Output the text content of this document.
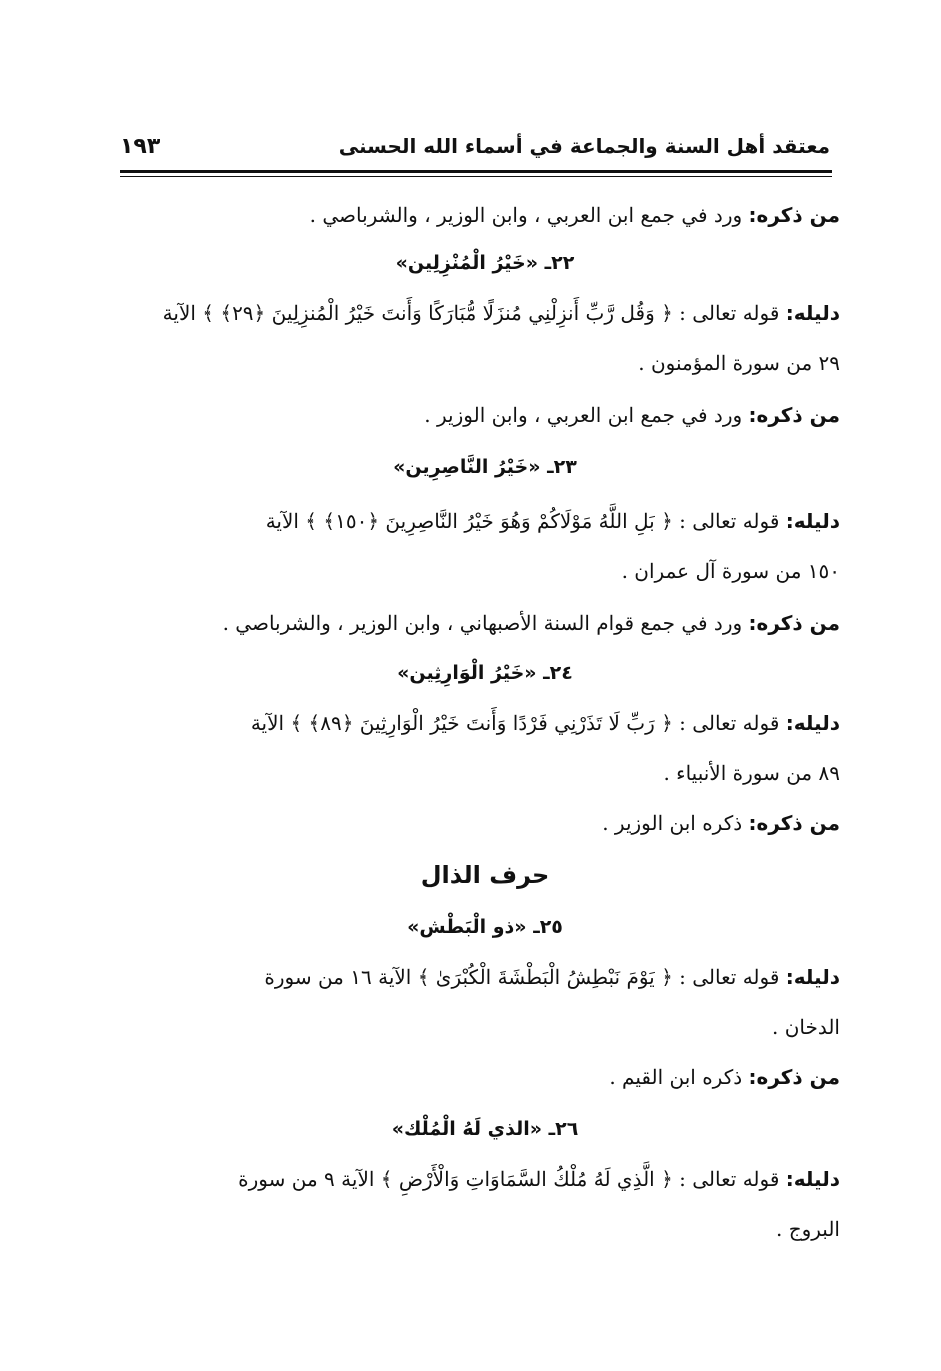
معتقد أهل السنة والجماعة في أسماء الله الحسنى
١٩٣
من ذكره: ورد في جمع ابن العربي ، وابن الوزير ، والشرباصي .
٢٢ـ «خَيْرُ الْمُنْزِلِين»
دليله: قوله تعالى : ﴿ وَقُل رَّبِّ أَنزِلْنِي مُنزَلًا مُّبَارَكًا وَأَنتَ خَيْرُ الْمُنزِلِينَ ﴿٢٩﴾ ﴾ الآية
٢٩ من سورة المؤمنون .
من ذكره: ورد في جمع ابن العربي ، وابن الوزير .
٢٣ـ «خَيْرُ النَّاصِرِين»
دليله: قوله تعالى : ﴿ بَلِ اللَّهُ مَوْلَاكُمْ وَهُوَ خَيْرُ النَّاصِرِينَ ﴿١٥٠﴾ ﴾ الآية
١٥٠ من سورة آل عمران .
من ذكره: ورد في جمع قوام السنة الأصبهاني ، وابن الوزير ، والشرباصي .
٢٤ـ «خَيْرُ الْوَارِثِين»
دليله: قوله تعالى : ﴿ رَبِّ لَا تَذَرْنِي فَرْدًا وَأَنتَ خَيْرُ الْوَارِثِينَ ﴿٨٩﴾ ﴾ الآية
٨٩ من سورة الأنبياء .
من ذكره: ذكره ابن الوزير .
حرف الذال
٢٥ـ «ذو الْبَطْش»
دليله: قوله تعالى : ﴿ يَوْمَ نَبْطِشُ الْبَطْشَةَ الْكُبْرَىٰ ﴾ الآية ١٦ من سورة
الدخان .
من ذكره: ذكره ابن القيم .
٢٦ـ «الذي لَهُ الْمُلْك»
دليله: قوله تعالى : ﴿ الَّذِي لَهُ مُلْكُ السَّمَاوَاتِ وَالْأَرْضِ ﴾ الآية ٩ من سورة
البروج .
